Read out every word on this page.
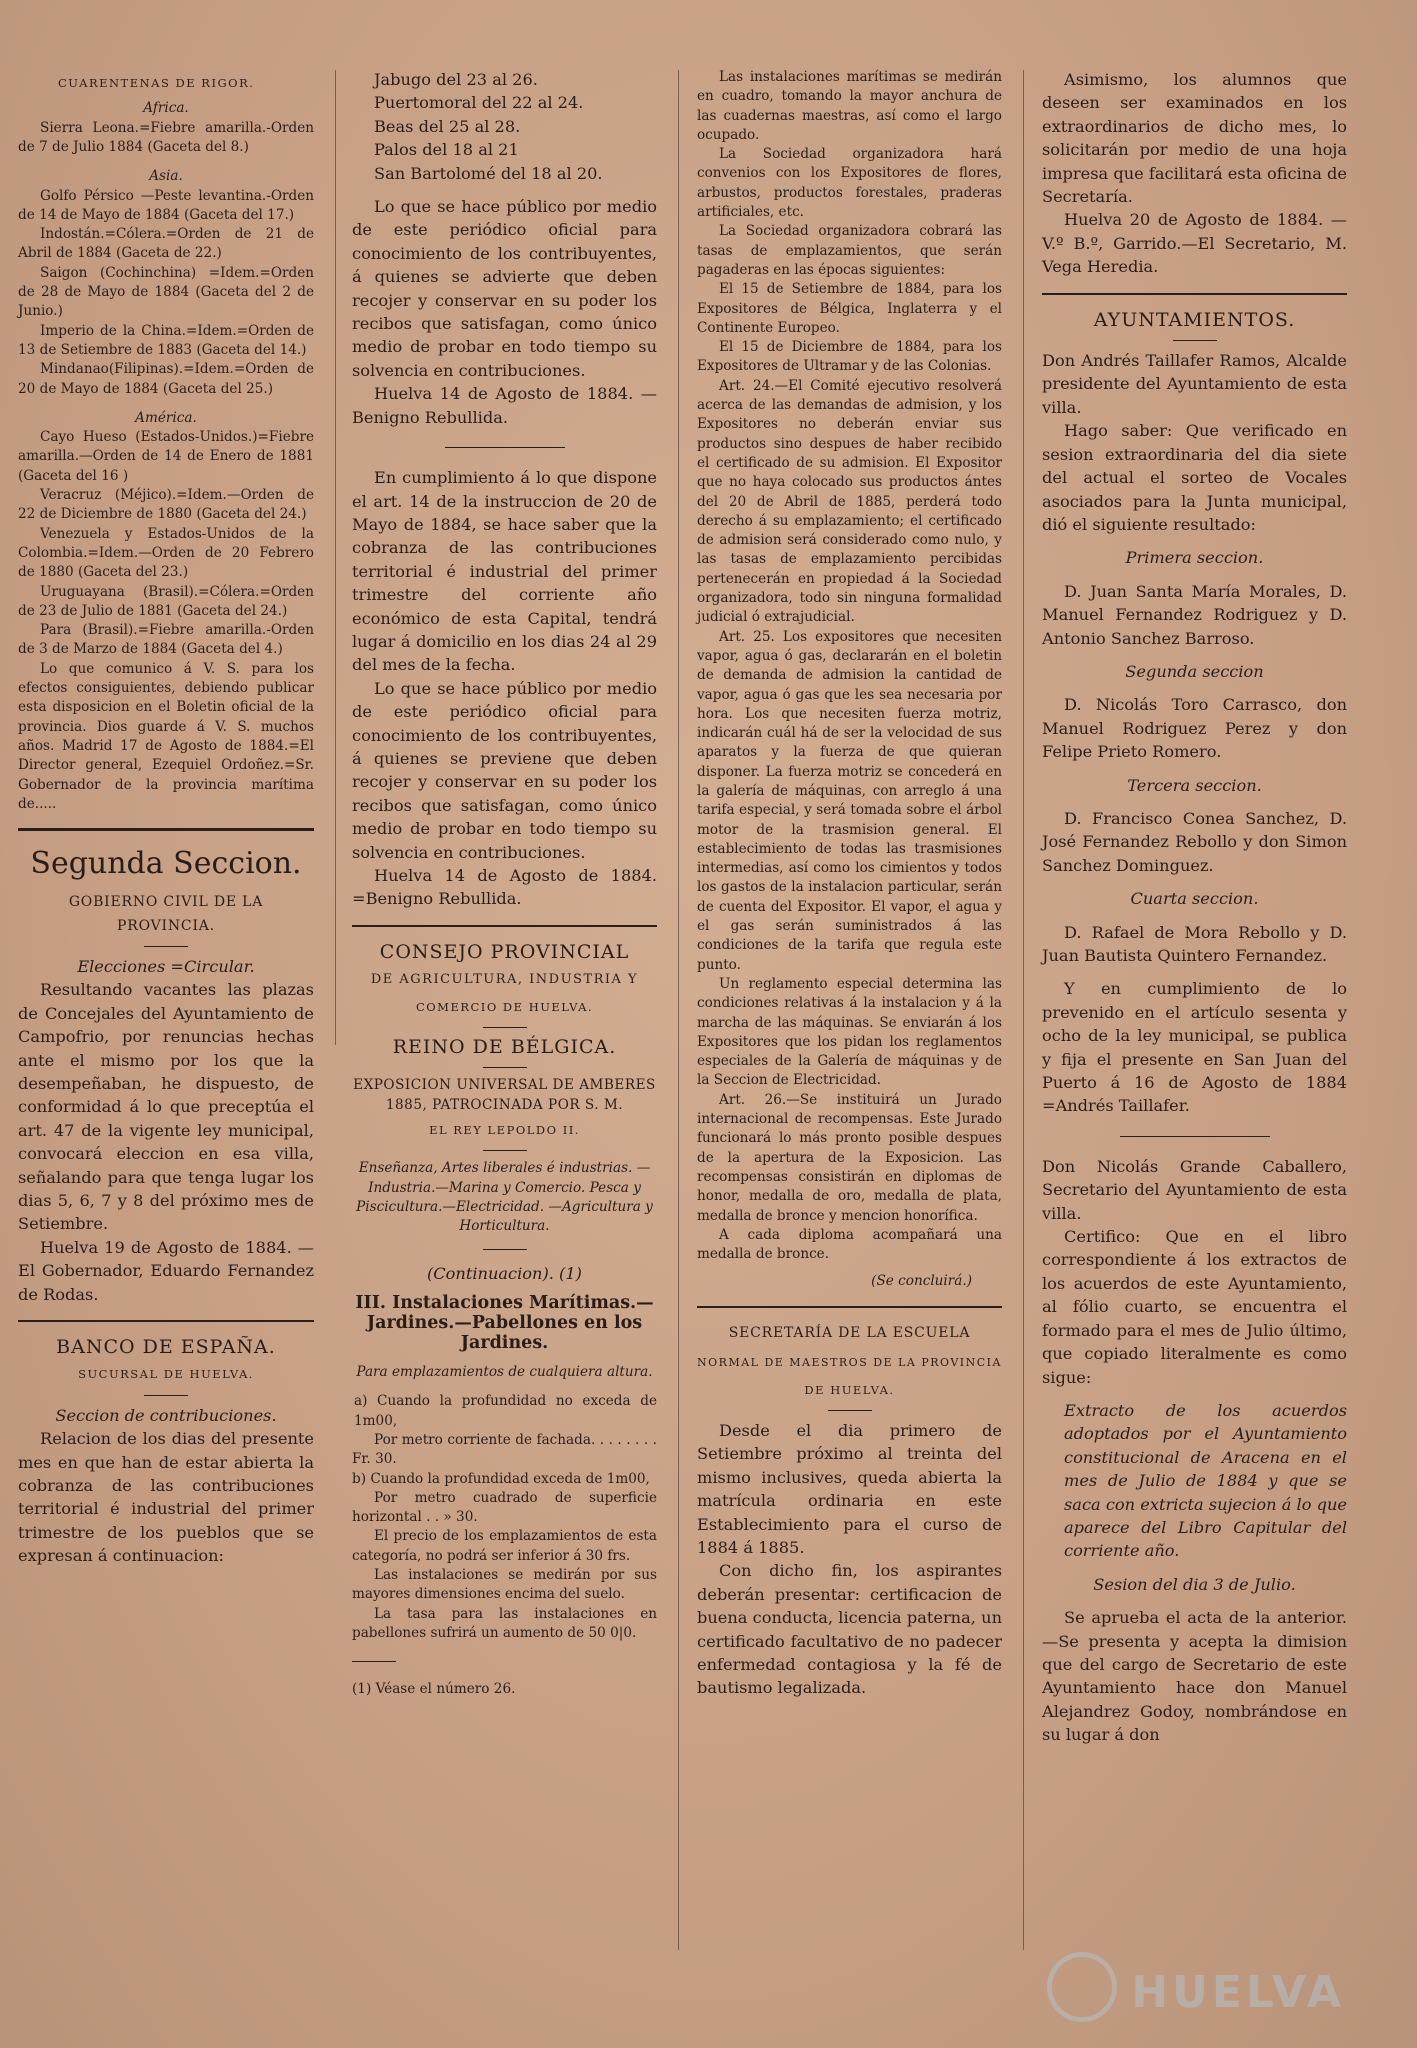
CUARENTENAS DE RIGOR.

Africa.

Sierra Leona.=Fiebre amarilla.-Orden de 7 de Julio 1884 (Gaceta del 8.)

Asia.

Golfo Pérsico —Peste levantina.-Orden de 14 de Mayo de 1884 (Gaceta del 17.)

Indostán.=Cólera.=Orden de 21 de Abril de 1884 (Gaceta de 22.)

Saigon (Cochinchina) =Idem.=Orden de 28 de Mayo de 1884 (Gaceta del 2 de Junio.)

Imperio de la China.=Idem.=Orden de 13 de Setiembre de 1883 (Gaceta del 14.)

Mindanao(Filipinas).=Idem.=Orden de 20 de Mayo de 1884 (Gaceta del 25.)

América.

Cayo Hueso (Estados-Unidos.)=Fiebre amarilla.—Orden de 14 de Enero de 1881 (Gaceta del 16 )

Veracruz (Méjico).=Idem.—Orden de 22 de Diciembre de 1880 (Gaceta del 24.)

Venezuela y Estados-Unidos de la Colombia.=Idem.—Orden de 20 Febrero de 1880 (Gaceta del 23.)

Uruguayana (Brasil).=Cólera.=Orden de 23 de Julio de 1881 (Gaceta del 24.)

Para (Brasil).=Fiebre amarilla.-Orden de 3 de Marzo de 1884 (Gaceta del 4.)

Lo que comunico á V. S. para los efectos consiguientes, debiendo publicar esta disposicion en el Boletin oficial de la provincia. Dios guarde á V. S. muchos años. Madrid 17 de Agosto de 1884.=El Director general, Ezequiel Ordoñez.=Sr. Gobernador de la provincia marítima de.....

Segunda Seccion.
GOBIERNO CIVIL DE LA PROVINCIA.

Elecciones =Circular.

Resultando vacantes las plazas de Concejales del Ayuntamiento de Campofrio, por renuncias hechas ante el mismo por los que la desempeñaban, he dispuesto, de conformidad á lo que preceptúa el art. 47 de la vigente ley municipal, convocará eleccion en esa villa, señalando para que tenga lugar los dias 5, 6, 7 y 8 del próximo mes de Setiembre.

Huelva 19 de Agosto de 1884. —El Gobernador, Eduardo Fernandez de Rodas.

BANCO DE ESPAÑA.
SUCURSAL DE HUELVA.

Seccion de contribuciones.

Relacion de los dias del presente mes en que han de estar abierta la cobranza de las contribuciones territorial é industrial del primer trimestre de los pueblos que se expresan á continuacion:

Jabugo del 23 al 26.

Puertomoral del 22 al 24.

Beas del 25 al 28.

Palos del 18 al 21

San Bartolomé del 18 al 20.

Lo que se hace público por medio de este periódico oficial para conocimiento de los contribuyentes, á quienes se advierte que deben recojer y conservar en su poder los recibos que satisfagan, como único medio de probar en todo tiempo su solvencia en contribuciones.

Huelva 14 de Agosto de 1884. —Benigno Rebullida.

En cumplimiento á lo que dispone el art. 14 de la instruccion de 20 de Mayo de 1884, se hace saber que la cobranza de las contribuciones territorial é industrial del primer trimestre del corriente año económico de esta Capital, tendrá lugar á domicilio en los dias 24 al 29 del mes de la fecha.

Lo que se hace público por medio de este periódico oficial para conocimiento de los contribuyentes, á quienes se previene que deben recojer y conservar en su poder los recibos que satisfagan, como único medio de probar en todo tiempo su solvencia en contribuciones.

Huelva 14 de Agosto de 1884. =Benigno Rebullida.

CONSEJO PROVINCIAL
DE AGRICULTURA, INDUSTRIA Y
COMERCIO DE HUELVA.
REINO DE BÉLGICA.

EXPOSICION UNIVERSAL DE AMBERES 1885, PATROCINADA POR S. M.

EL REY LEPOLDO II.

Enseñanza, Artes liberales é industrias. —Industria.—Marina y Comercio. Pesca y Piscicultura.—Electricidad. —Agricultura y Horticultura.

(Continuacion). (1)

III. Instalaciones Marítimas.—Jardines.—Pabellones en los Jardines.

Para emplazamientos de cualquiera altura.

a) Cuando la profundidad no exceda de 1m00,

Por metro corriente de fachada. . . . . . . . Fr. 30.

b) Cuando la profundidad exceda de 1m00,

Por metro cuadrado de superficie horizontal . . » 30.

El precio de los emplazamientos de esta categoría, no podrá ser inferior á 30 frs.

Las instalaciones se medirán por sus mayores dimensiones encima del suelo.

La tasa para las instalaciones en pabellones sufrirá un aumento de 50 0|0.

(1) Véase el número 26.

Las instalaciones marítimas se medirán en cuadro, tomando la mayor anchura de las cuadernas maestras, así como el largo ocupado.

La Sociedad organizadora hará convenios con los Expositores de flores, arbustos, productos forestales, praderas artificiales, etc.

La Sociedad organizadora cobrará las tasas de emplazamientos, que serán pagaderas en las épocas siguientes:

El 15 de Setiembre de 1884, para los Expositores de Bélgica, Inglaterra y el Continente Europeo.

El 15 de Diciembre de 1884, para los Expositores de Ultramar y de las Colonias.

Art. 24.—El Comité ejecutivo resolverá acerca de las demandas de admision, y los Expositores no deberán enviar sus productos sino despues de haber recibido el certificado de su admision. El Expositor que no haya colocado sus productos ántes del 20 de Abril de 1885, perderá todo derecho á su emplazamiento; el certificado de admision será considerado como nulo, y las tasas de emplazamiento percibidas pertenecerán en propiedad á la Sociedad organizadora, todo sin ninguna formalidad judicial ó extrajudicial.

Art. 25. Los expositores que necesiten vapor, agua ó gas, declararán en el boletin de demanda de admision la cantidad de vapor, agua ó gas que les sea necesaria por hora. Los que necesiten fuerza motriz, indicarán cuál há de ser la velocidad de sus aparatos y la fuerza de que quieran disponer. La fuerza motriz se concederá en la galería de máquinas, con arreglo á una tarifa especial, y será tomada sobre el árbol motor de la trasmision general. El establecimiento de todas las trasmisiones intermedias, así como los cimientos y todos los gastos de la instalacion particular, serán de cuenta del Expositor. El vapor, el agua y el gas serán suministrados á las condiciones de la tarifa que regula este punto.

Un reglamento especial determina las condiciones relativas á la instalacion y á la marcha de las máquinas. Se enviarán á los Expositores que los pidan los reglamentos especiales de la Galería de máquinas y de la Seccion de Electricidad.

Art. 26.—Se instituirá un Jurado internacional de recompensas. Este Jurado funcionará lo más pronto posible despues de la apertura de la Exposicion. Las recompensas consistirán en diplomas de honor, medalla de oro, medalla de plata, medalla de bronce y mencion honorífica.

A cada diploma acompañará una medalla de bronce.

(Se concluirá.)

SECRETARÍA DE LA ESCUELA
NORMAL DE MAESTROS DE LA PROVINCIA
DE HUELVA.

Desde el dia primero de Setiembre próximo al treinta del mismo inclusives, queda abierta la matrícula ordinaria en este Establecimiento para el curso de 1884 á 1885.

Con dicho fin, los aspirantes deberán presentar: certificacion de buena conducta, licencia paterna, un certificado facultativo de no padecer enfermedad contagiosa y la fé de bautismo legalizada.

Asimismo, los alumnos que deseen ser examinados en los extraordinarios de dicho mes, lo solicitarán por medio de una hoja impresa que facilitará esta oficina de Secretaría.

Huelva 20 de Agosto de 1884. —V.º B.º, Garrido.—El Secretario, M. Vega Heredia.

AYUNTAMIENTOS.

Don Andrés Taillafer Ramos, Alcalde presidente del Ayuntamiento de esta villa.

Hago saber: Que verificado en sesion extraordinaria del dia siete del actual el sorteo de Vocales asociados para la Junta municipal, dió el siguiente resultado:

Primera seccion.

D. Juan Santa María Morales, D. Manuel Fernandez Rodriguez y D. Antonio Sanchez Barroso.

Segunda seccion

D. Nicolás Toro Carrasco, don Manuel Rodriguez Perez y don Felipe Prieto Romero.

Tercera seccion.

D. Francisco Conea Sanchez, D. José Fernandez Rebollo y don Simon Sanchez Dominguez.

Cuarta seccion.

D. Rafael de Mora Rebollo y D. Juan Bautista Quintero Fernandez.

Y en cumplimiento de lo prevenido en el artículo sesenta y ocho de la ley municipal, se publica y fija el presente en San Juan del Puerto á 16 de Agosto de 1884 =Andrés Taillafer.

Don Nicolás Grande Caballero, Secretario del Ayuntamiento de esta villa.

Certifico: Que en el libro correspondiente á los extractos de los acuerdos de este Ayuntamiento, al fólio cuarto, se encuentra el formado para el mes de Julio último, que copiado literalmente es como sigue:

Extracto de los acuerdos adoptados por el Ayuntamiento constitucional de Aracena en el mes de Julio de 1884 y que se saca con extricta sujecion á lo que aparece del Libro Capitular del corriente año.

Sesion del dia 3 de Julio.

Se aprueba el acta de la anterior.—Se presenta y acepta la dimision que del cargo de Secretario de este Ayuntamiento hace don Manuel Alejandrez Godoy, nombrándose en su lugar á don

HUELVA
